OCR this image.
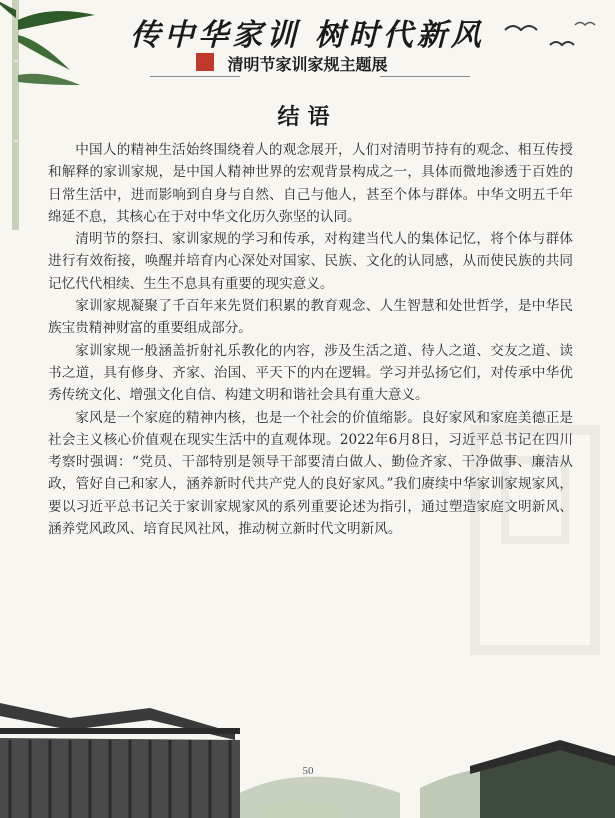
传中华家训 树时代新风
清明节家训家规主题展
结语

中国人的精神生活始终围绕着人的观念展开，人们对清明节持有的观念、相互传授和解释的家训家规，是中国人精神世界的宏观背景构成之一，具体而微地渗透于百姓的日常生活中，进而影响到自身与自然、自己与他人，甚至个体与群体。中华文明五千年绵延不息，其核心在于对中华文化历久弥坚的认同。

清明节的祭扫、家训家规的学习和传承，对构建当代人的集体记忆，将个体与群体进行有效衔接，唤醒并培育内心深处对国家、民族、文化的认同感，从而使民族的共同记忆代代相续、生生不息具有重要的现实意义。

家训家规凝聚了千百年来先贤们积累的教育观念、人生智慧和处世哲学，是中华民族宝贵精神财富的重要组成部分。

家训家规一般涵盖折射礼乐教化的内容，涉及生活之道、待人之道、交友之道、读书之道，具有修身、齐家、治国、平天下的内在逻辑。学习并弘扬它们，对传承中华优秀传统文化、增强文化自信、构建文明和谐社会具有重大意义。

家风是一个家庭的精神内核，也是一个社会的价值缩影。良好家风和家庭美德正是社会主义核心价值观在现实生活中的直观体现。2022年6月8日，习近平总书记在四川考察时强调：“党员、干部特别是领导干部要清白做人、勤俭齐家、干净做事、廉洁从政，管好自己和家人，涵养新时代共产党人的良好家风。”我们赓续中华家训家规家风，要以习近平总书记关于家训家规家风的系列重要论述为指引，通过塑造家庭文明新风、涵养党风政风、培育民风社风，推动树立新时代文明新风。

50
